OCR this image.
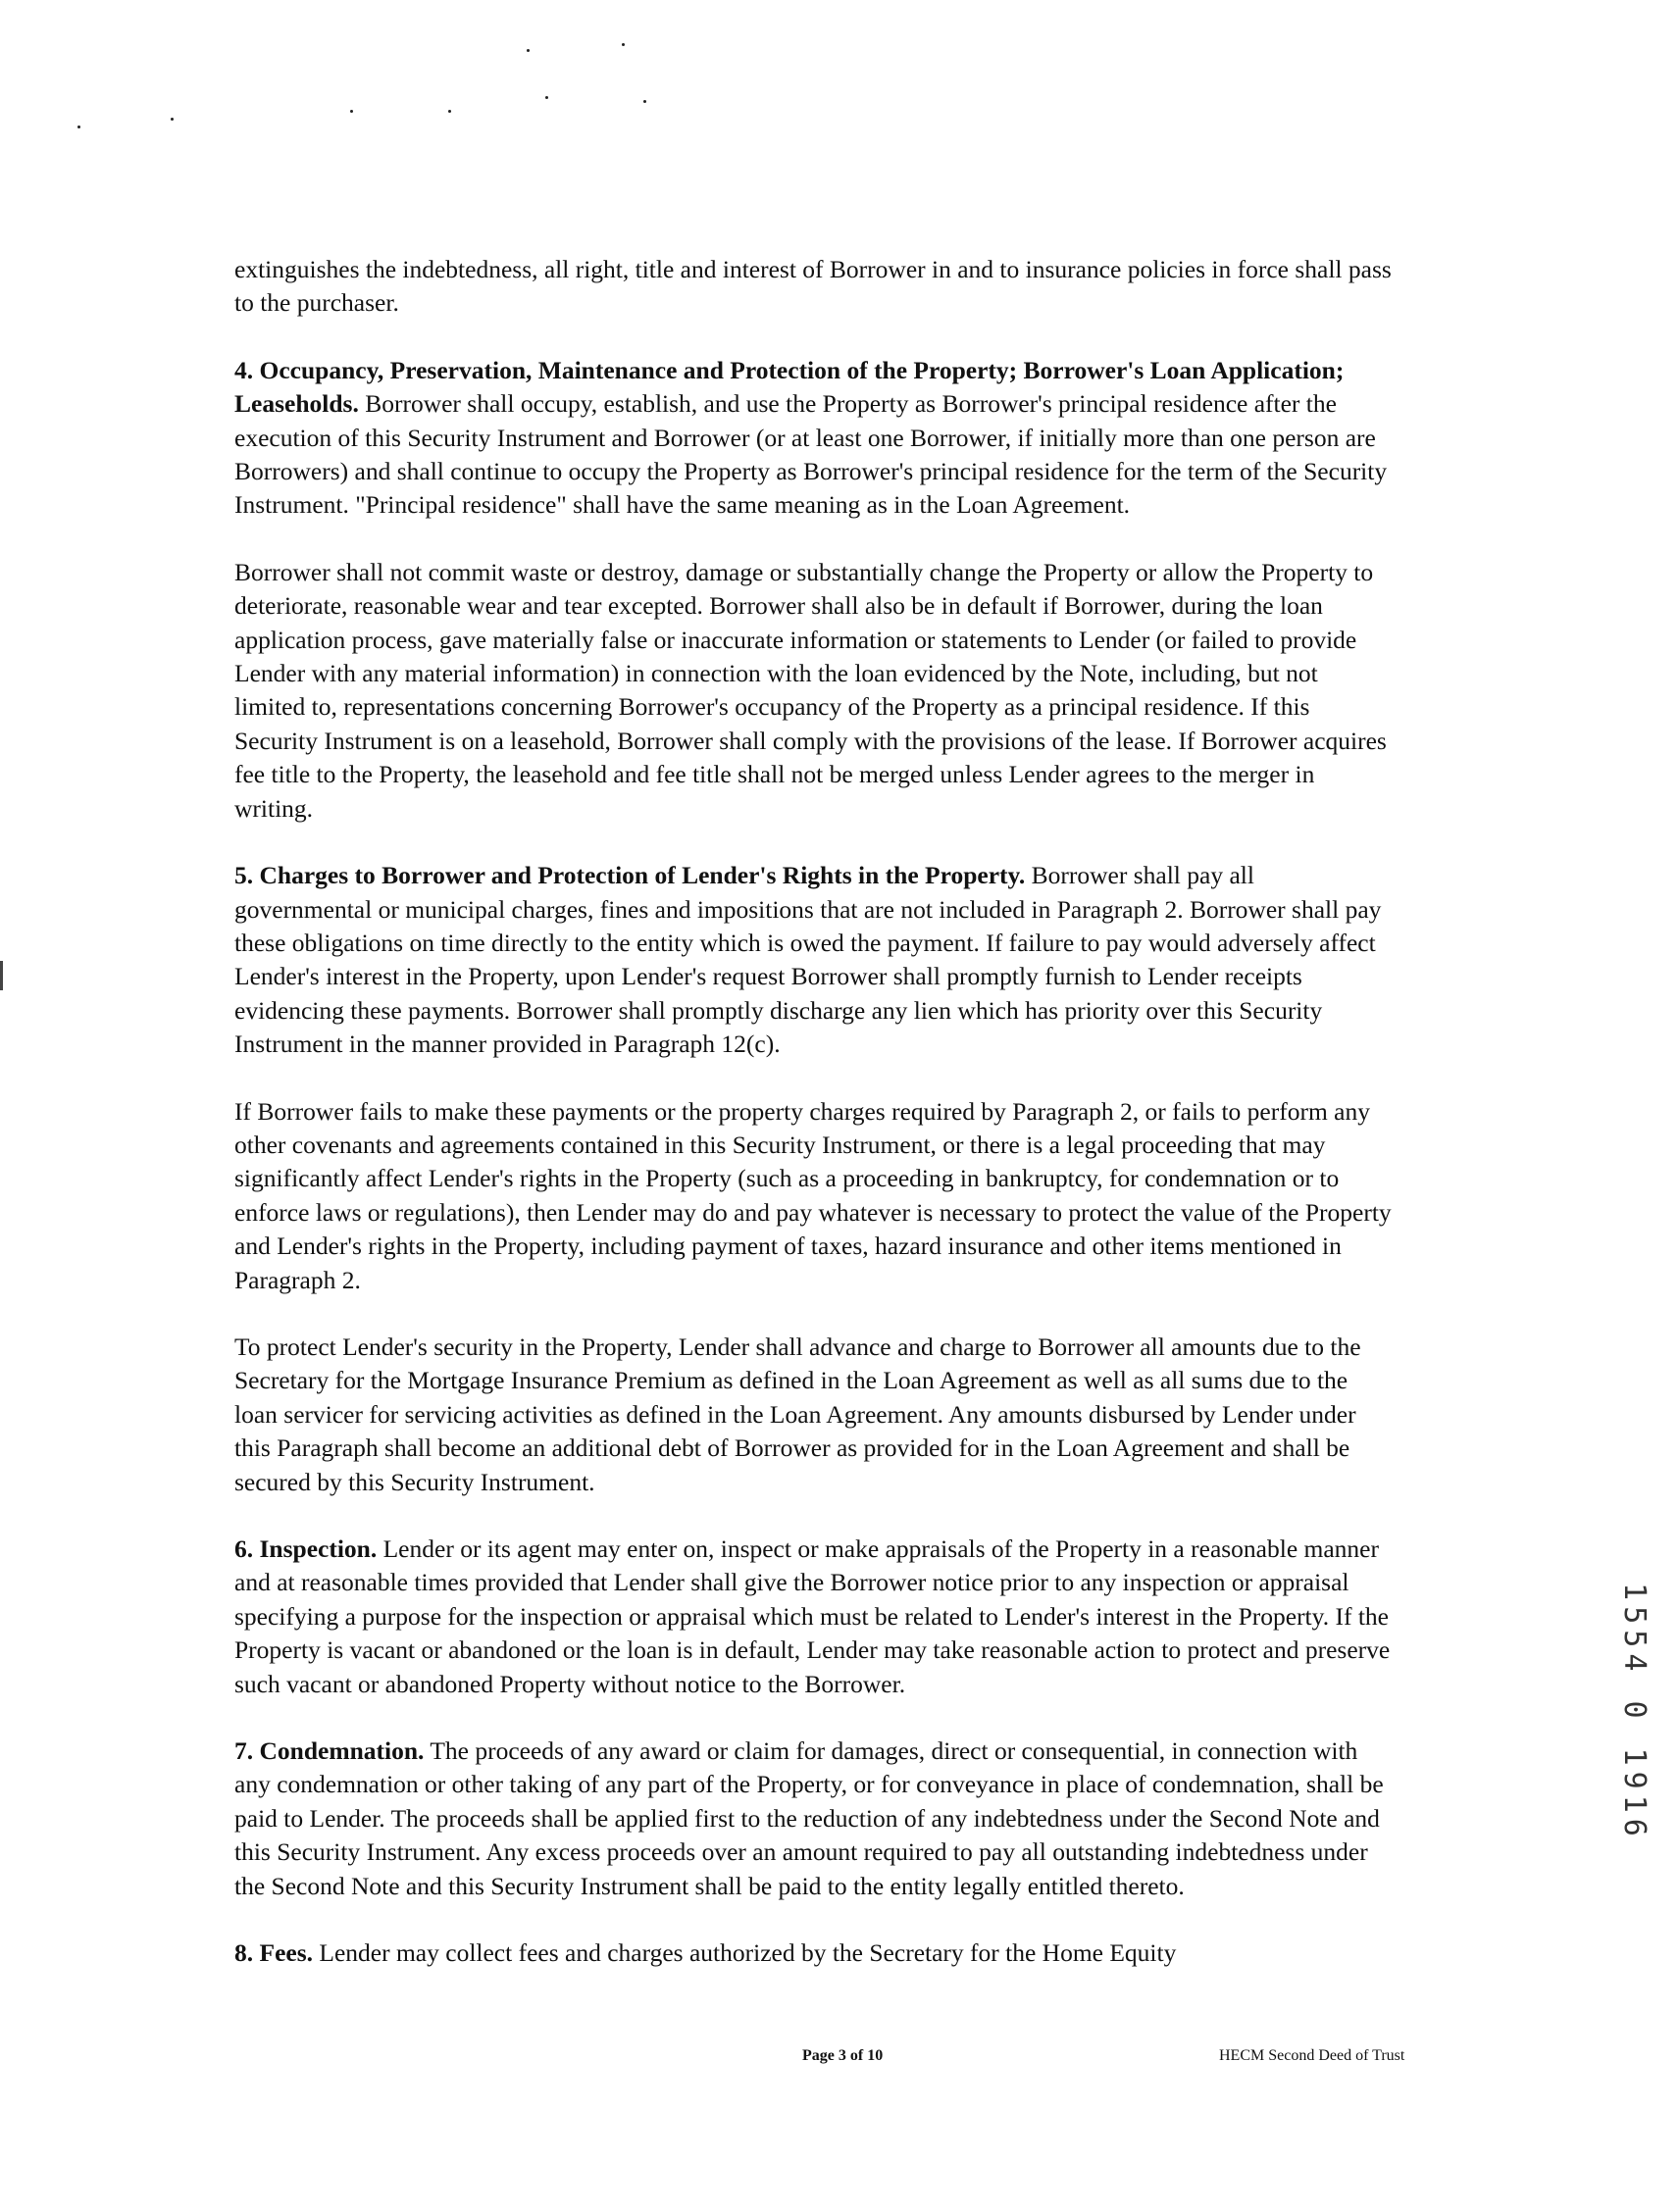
extinguishes the indebtedness, all right, title and interest of Borrower in and to insurance policies in force shall pass to the purchaser.

4. Occupancy, Preservation, Maintenance and Protection of the Property; Borrower's Loan Application; Leaseholds. Borrower shall occupy, establish, and use the Property as Borrower's principal residence after the execution of this Security Instrument and Borrower (or at least one Borrower, if initially more than one person are Borrowers) and shall continue to occupy the Property as Borrower's principal residence for the term of the Security Instrument. "Principal residence" shall have the same meaning as in the Loan Agreement.

Borrower shall not commit waste or destroy, damage or substantially change the Property or allow the Property to deteriorate, reasonable wear and tear excepted. Borrower shall also be in default if Borrower, during the loan application process, gave materially false or inaccurate information or statements to Lender (or failed to provide Lender with any material information) in connection with the loan evidenced by the Note, including, but not limited to, representations concerning Borrower's occupancy of the Property as a principal residence. If this Security Instrument is on a leasehold, Borrower shall comply with the provisions of the lease. If Borrower acquires fee title to the Property, the leasehold and fee title shall not be merged unless Lender agrees to the merger in writing.

5. Charges to Borrower and Protection of Lender's Rights in the Property. Borrower shall pay all governmental or municipal charges, fines and impositions that are not included in Paragraph 2. Borrower shall pay these obligations on time directly to the entity which is owed the payment. If failure to pay would adversely affect Lender's interest in the Property, upon Lender's request Borrower shall promptly furnish to Lender receipts evidencing these payments. Borrower shall promptly discharge any lien which has priority over this Security Instrument in the manner provided in Paragraph 12(c).

If Borrower fails to make these payments or the property charges required by Paragraph 2, or fails to perform any other covenants and agreements contained in this Security Instrument, or there is a legal proceeding that may significantly affect Lender's rights in the Property (such as a proceeding in bankruptcy, for condemnation or to enforce laws or regulations), then Lender may do and pay whatever is necessary to protect the value of the Property and Lender's rights in the Property, including payment of taxes, hazard insurance and other items mentioned in Paragraph 2.

To protect Lender's security in the Property, Lender shall advance and charge to Borrower all amounts due to the Secretary for the Mortgage Insurance Premium as defined in the Loan Agreement as well as all sums due to the loan servicer for servicing activities as defined in the Loan Agreement. Any amounts disbursed by Lender under this Paragraph shall become an additional debt of Borrower as provided for in the Loan Agreement and shall be secured by this Security Instrument.

6. Inspection. Lender or its agent may enter on, inspect or make appraisals of the Property in a reasonable manner and at reasonable times provided that Lender shall give the Borrower notice prior to any inspection or appraisal specifying a purpose for the inspection or appraisal which must be related to Lender's interest in the Property. If the Property is vacant or abandoned or the loan is in default, Lender may take reasonable action to protect and preserve such vacant or abandoned Property without notice to the Borrower.

7. Condemnation. The proceeds of any award or claim for damages, direct or consequential, in connection with any condemnation or other taking of any part of the Property, or for conveyance in place of condemnation, shall be paid to Lender. The proceeds shall be applied first to the reduction of any indebtedness under the Second Note and this Security Instrument. Any excess proceeds over an amount required to pay all outstanding indebtedness under the Second Note and this Security Instrument shall be paid to the entity legally entitled thereto.

8. Fees. Lender may collect fees and charges authorized by the Secretary for the Home Equity

1554 0 1916
Page 3 of 10	HECM Second Deed of Trust
